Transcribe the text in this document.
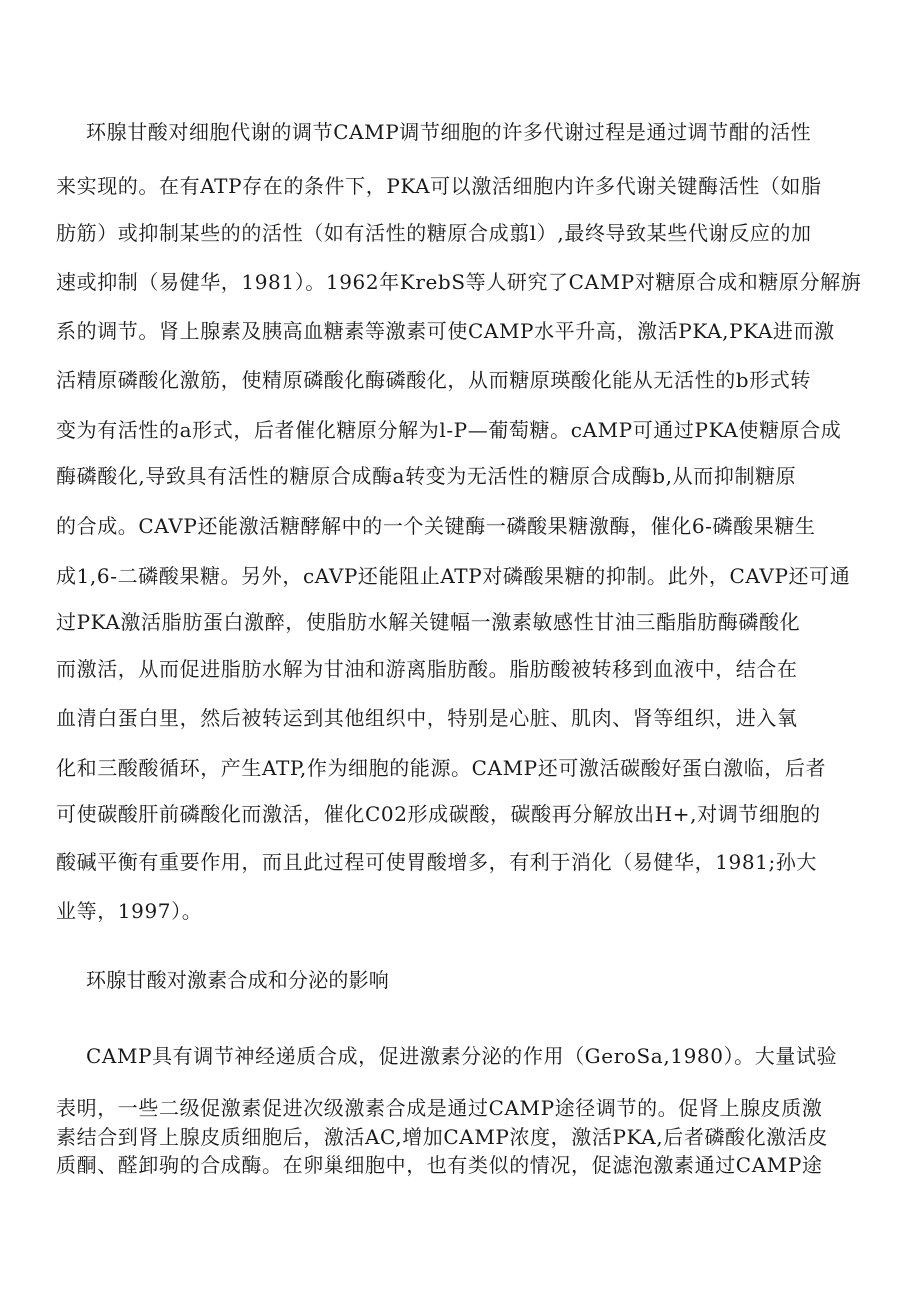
环腺甘酸对细胞代谢的调节CAMP调节细胞的许多代谢过程是通过调节酣的活性
来实现的。在有ATP存在的条件下，PKA可以激活细胞内许多代谢关键酶活性（如脂
肪筋）或抑制某些的的活性（如有活性的糖原合成翦l）,最终导致某些代谢反应的加
速或抑制（易健华，1981）。1962年KrebS等人研究了CAMP对糖原合成和糖原分解旃
系的调节。肾上腺素及胰高血糖素等激素可使CAMP水平升高，激活PKA,PKA进而激
活精原磷酸化激筋，使精原磷酸化酶磷酸化，从而糖原瑛酸化能从无活性的b形式转
变为有活性的a形式，后者催化糖原分解为l-P—葡萄糖。cAMP可通过PKA使糖原合成
酶磷酸化,导致具有活性的糖原合成酶a转变为无活性的糖原合成酶b,从而抑制糖原
的合成。CAVP还能激活糖酵解中的一个关键酶一磷酸果糖激酶，催化6-磷酸果糖生
成1,6-二磷酸果糖。另外，cAVP还能阻止ATP对磷酸果糖的抑制。此外，CAVP还可通
过PKA激活脂肪蛋白激醉，使脂肪水解关键幅一激素敏感性甘油三酯脂肪酶磷酸化
而激活，从而促进脂肪水解为甘油和游离脂肪酸。脂肪酸被转移到血液中，结合在
血清白蛋白里，然后被转运到其他组织中，特别是心脏、肌肉、肾等组织，进入氧
化和三酸酸循环，产生ATP,作为细胞的能源。CAMP还可激活碳酸好蛋白激临，后者
可使碳酸肝前磷酸化而激活，催化C02形成碳酸，碳酸再分解放出H+,对调节细胞的
酸碱平衡有重要作用，而且此过程可使胃酸增多，有利于消化（易健华，1981;孙大
业等，1997）。
环腺甘酸对激素合成和分泌的影响
CAMP具有调节神经递质合成，促进激素分泌的作用（GeroSa,1980）。大量试验
表明，一些二级促激素促进次级激素合成是通过CAMP途径调节的。促肾上腺皮质激
素结合到肾上腺皮质细胞后，激活AC,增加CAMP浓度，激活PKA,后者磷酸化激活皮
质酮、醛卸驹的合成酶。在卵巢细胞中，也有类似的情况，促滤泡激素通过CAMP途
